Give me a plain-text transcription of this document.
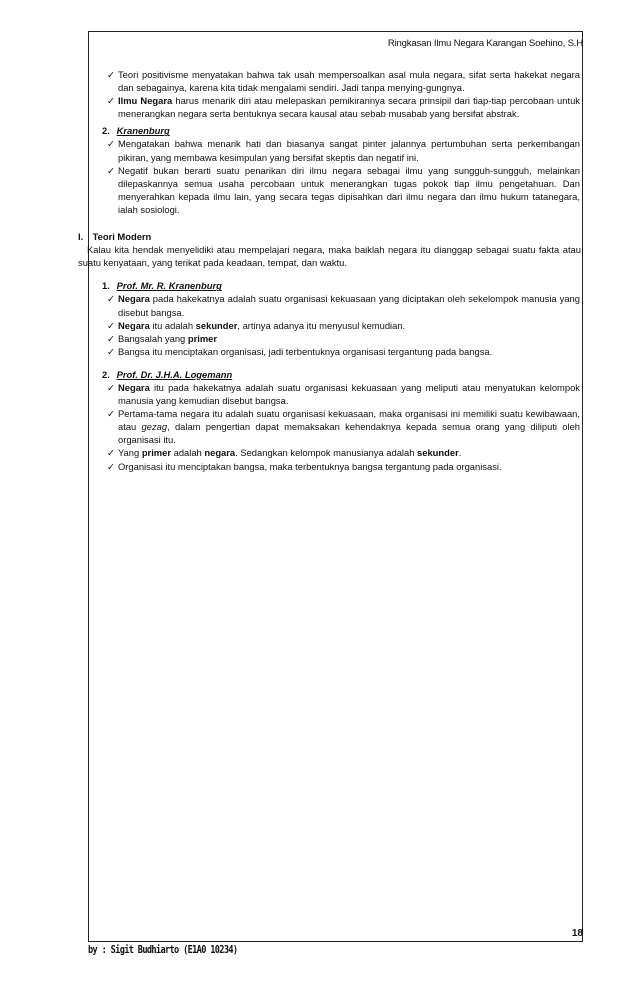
Ringkasan Ilmu Negara Karangan Soehino, S.H
✓ Teori positivisme menyatakan bahwa tak usah mempersoalkan asal mula negara, sifat serta hakekat negara dan sebagainya, karena kita tidak mengalami sendiri. Jadi tanpa menying-gungnya.
✓ Ilmu Negara harus menarik diri atau melepaskan pemikirannya secara prinsipil dari tiap-tiap percobaan untuk menerangkan negara serta bentuknya secara kausal atau sebab musabab yang bersifat abstrak.
2. Kranenburg
✓ Mengatakan bahwa menarik hati dan biasanya sangat pinter jalannya pertumbuhan serta perkembangan pikiran, yang membawa kesimpulan yang bersifat skeptis dan negatif ini.
✓ Negatif bukan berarti suatu penarikan diri ilmu negara sebagai ilmu yang sungguh-sungguh, melainkan dilepaskannya semua usaha percobaan untuk menerangkan tugas pokok tiap ilmu pengetahuan. Dan menyerahkan kepada ilmu lain, yang secara tegas dipisahkan dari ilmu negara dan ilmu hukum tatanegara, ialah sosiologi.
I. Teori Modern
Kalau kita hendak menyelidiki atau mempelajari negara, maka baiklah negara itu dianggap sebagai suatu fakta atau suatu kenyataan, yang terikat pada keadaan, tempat, dan waktu.
1. Prof. Mr. R. Kranenburg
✓ Negara pada hakekatnya adalah suatu organisasi kekuasaan yang diciptakan oleh sekelompok manusia yang disebut bangsa.
✓ Negara itu adalah sekunder, artinya adanya itu menyusul kemudian.
✓ Bangsalah yang primer
✓ Bangsa itu menciptakan organisasi, jadi terbentuknya organisasi tergantung pada bangsa.
2. Prof. Dr. J.H.A. Logemann
✓ Negara itu pada hakekatnya adalah suatu organisasi kekuasaan yang meliputi atau menyatukan kelompok manusia yang kemudian disebut bangsa.
✓ Pertama-tama negara itu adalah suatu organisasi kekuasaan, maka organisasi ini memiliki suatu kewibawaan, atau gezag, dalam pengertian dapat memaksakan kehendaknya kepada semua orang yang diliputi oleh organisasi itu.
✓ Yang primer adalah negara. Sedangkan kelompok manusianya adalah sekunder.
✓ Organisasi itu menciptakan bangsa, maka terbentuknya bangsa tergantung pada organisasi.
18
by : Sigit Budhiarto (E1A0 10234)
